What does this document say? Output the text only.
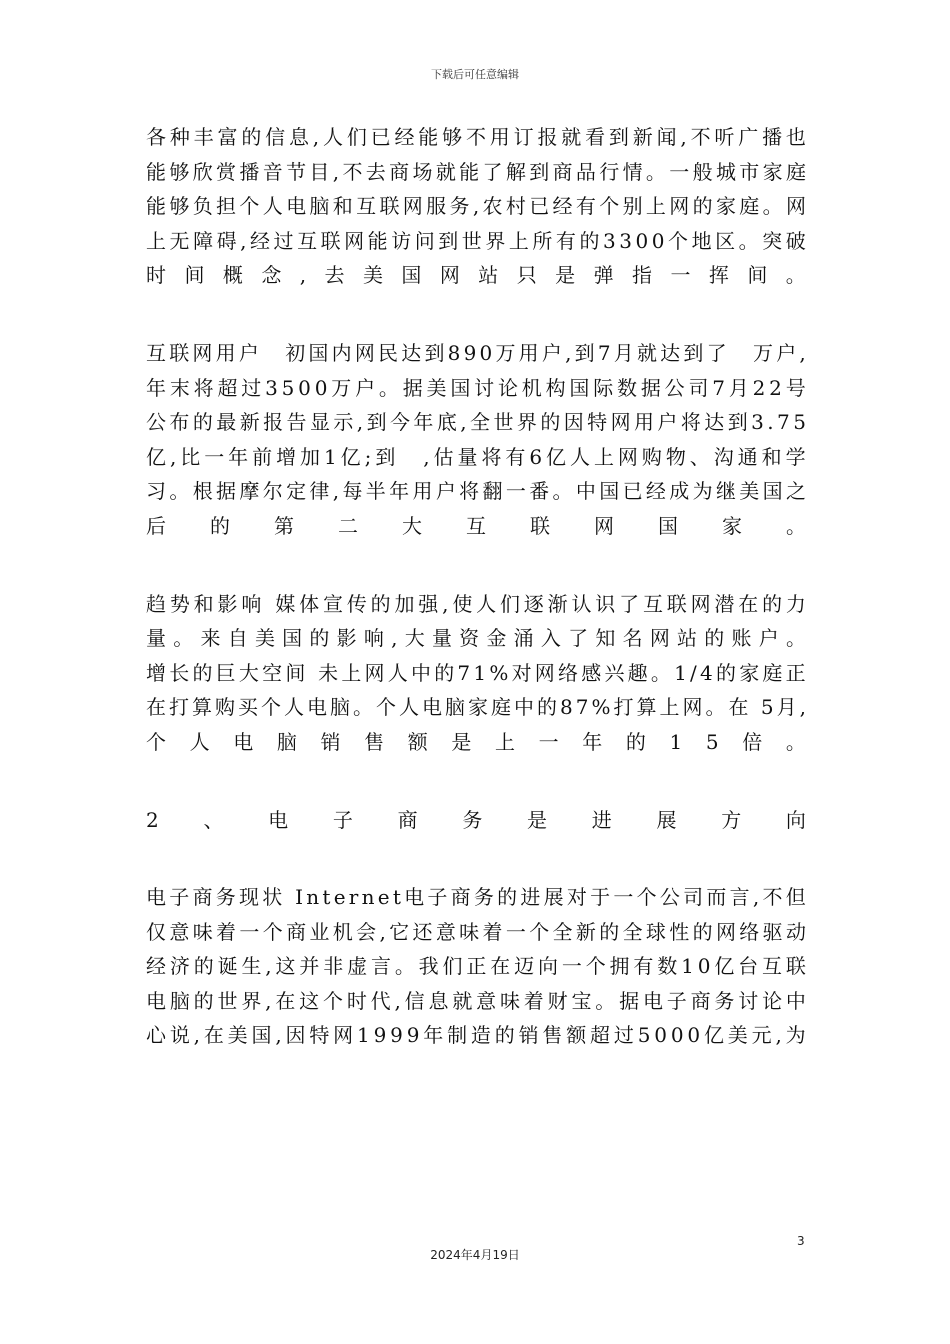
下载后可任意编辑
各 种 丰 富 的 信 息 , 人 们 已 经 能 够 不 用 订 报 就 看 到 新 闻 , 不 听 广 播 也
能 够 欣 赏 播 音 节 目 , 不 去 商 场 就 能 了 解 到 商 品 行 情 。 一 般 城 市 家 庭
能 够 负 担 个 人 电 脑 和 互 联 网 服 务 , 农 村 已 经 有 个 别 上 网 的 家 庭 。 网
上 无 障 碍 , 经 过 互 联 网 能 访 问 到 世 界 上 所 有 的 3 3 0 0 个 地 区 。 突 破
时 间 概 念 , 去 美 国 网 站 只 是 弹 指 一 挥 间 。
互 联 网 用 户
　 初 国 内 网 民 达 到 8 9 0 万 用 户 , 到 7 月 就 达 到 了
　 万 户 ,
年 末 将 超 过 3 5 0 0 万 户 。 据 美 国 讨 论 机 构 国 际 数 据 公 司 7 月 2 2 号
公 布 的 最 新 报 告 显 示 , 到 今 年 底 , 全 世 界 的 因 特 网 用 户 将 达 到 3 . 7 5
亿 , 比 一 年 前 增 加 1 亿 ; 到
　 , 估 量 将 有 6 亿 人 上 网 购 物 、 沟 通 和 学
习 。 根 据 摩 尔 定 律 , 每 半 年 用 户 将 翻 一 番 。 中 国 已 经 成 为 继 美 国 之
后 的 第 二 大 互 联 网 国 家 。
趋 势 和 影 响
媒 体 宣 传 的 加 强 , 使 人 们 逐 渐 认 识 了 互 联 网 潜 在 的 力
量 。 来 自 美 国 的 影 响 , 大 量 资 金 涌 入 了 知 名 网 站 的 账 户 。
增 长 的 巨 大 空 间
未 上 网 人 中 的 7 1 % 对 网 络 感 兴 趣 。 1 / 4 的 家 庭 正
在 打 算 购 买 个 人 电 脑 。 个 人 电 脑 家 庭 中 的 8 7 % 打 算 上 网 。 在
5 月 ,
个 人 电 脑 销 售 额 是 上 一 年 的 1 5 倍 。
2 、 电 子 商 务 是 进 展 方 向
电 子 商 务 现 状
I n t e r n e t 电 子 商 务 的 进 展 对 于 一 个 公 司 而 言 , 不 但
仅 意 味 着 一 个 商 业 机 会 , 它 还 意 味 着 一 个 全 新 的 全 球 性 的 网 络 驱 动
经 济 的 诞 生 , 这 并 非 虚 言 。 我 们 正 在 迈 向 一 个 拥 有 数 1 0 亿 台 互 联
电 脑 的 世 界 , 在 这 个 时 代 , 信 息 就 意 味 着 财 宝 。 据 电 子 商 务 讨 论 中
心 说 , 在 美 国 , 因 特 网 1 9 9 9 年 制 造 的 销 售 额 超 过 5 0 0 0 亿 美 元 , 为
3
2024年4月19日
